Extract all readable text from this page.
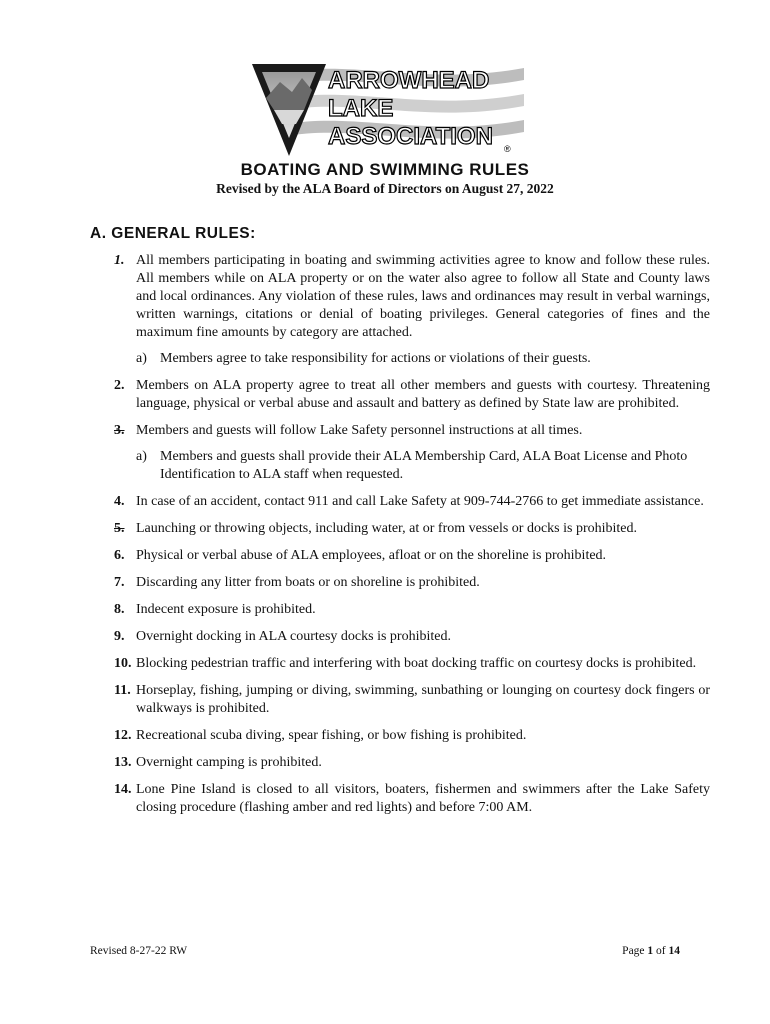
ARROWHEAD
LAKE
ASSOCIATION ®
BOATING AND SWIMMING RULES
Revised by the ALA Board of Directors on August 27, 2022
A. GENERAL RULES:
1. All members participating in boating and swimming activities agree to know and follow these rules. All members while on ALA property or on the water also agree to follow all State and County laws and local ordinances. Any violation of these rules, laws and ordinances may result in verbal warnings, written warnings, citations or denial of boating privileges. General categories of fines and the maximum fine amounts by category are attached.
a) Members agree to take responsibility for actions or violations of their guests.
2. Members on ALA property agree to treat all other members and guests with courtesy. Threatening language, physical or verbal abuse and assault and battery as defined by State law are prohibited.
3. Members and guests will follow Lake Safety personnel instructions at all times.
a) Members and guests shall provide their ALA Membership Card, ALA Boat License and Photo Identification to ALA staff when requested.
4. In case of an accident, contact 911 and call Lake Safety at 909-744-2766 to get immediate assistance.
5. Launching or throwing objects, including water, at or from vessels or docks is prohibited.
6. Physical or verbal abuse of ALA employees, afloat or on the shoreline is prohibited.
7. Discarding any litter from boats or on shoreline is prohibited.
8. Indecent exposure is prohibited.
9. Overnight docking in ALA courtesy docks is prohibited.
10. Blocking pedestrian traffic and interfering with boat docking traffic on courtesy docks is prohibited.
11. Horseplay, fishing, jumping or diving, swimming, sunbathing or lounging on courtesy dock fingers or walkways is prohibited.
12. Recreational scuba diving, spear fishing, or bow fishing is prohibited.
13. Overnight camping is prohibited.
14. Lone Pine Island is closed to all visitors, boaters, fishermen and swimmers after the Lake Safety closing procedure (flashing amber and red lights) and before 7:00 AM.
Revised 8-27-22 RW	Page 1 of 14
